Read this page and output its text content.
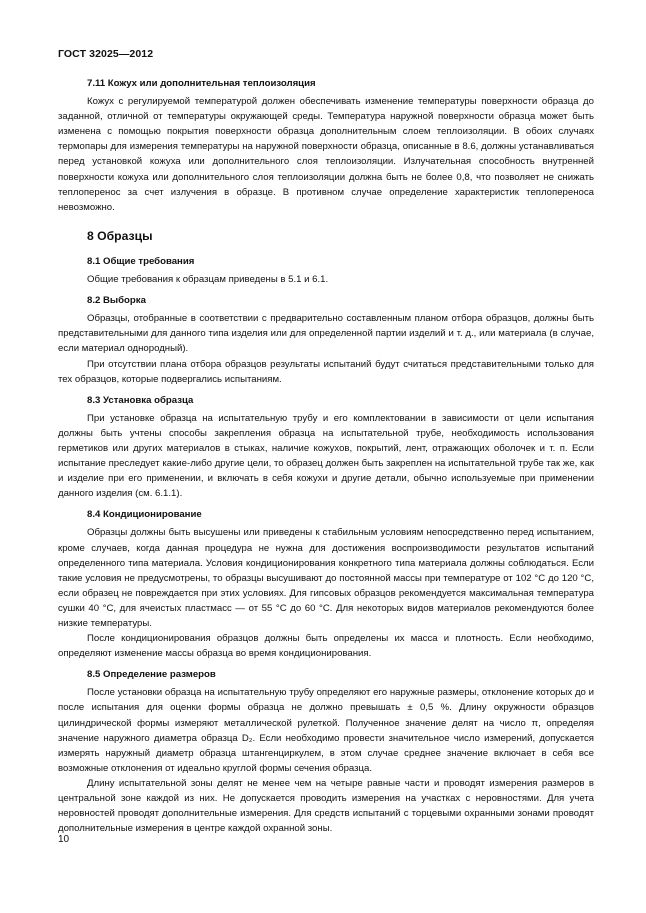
ГОСТ 32025—2012
7.11 Кожух или дополнительная теплоизоляция
Кожух с регулируемой температурой должен обеспечивать изменение температуры поверхности образца до заданной, отличной от температуры окружающей среды. Температура наружной поверхности образца может быть изменена с помощью покрытия поверхности образца дополнительным слоем теплоизоляции. В обоих случаях термопары для измерения температуры на наружной поверхности образца, описанные в 8.6, должны устанавливаться перед установкой кожуха или дополнительного слоя теплоизоляции. Излучательная способность внутренней поверхности кожуха или дополнительного слоя теплоизоляции должна быть не более 0,8, что позволяет не снижать теплоперенос за счет излучения в образце. В противном случае определение характеристик теплопереноса невозможно.
8 Образцы
8.1 Общие требования
Общие требования к образцам приведены в 5.1 и 6.1.
8.2 Выборка
Образцы, отобранные в соответствии с предварительно составленным планом отбора образцов, должны быть представительными для данного типа изделия или для определенной партии изделий и т. д., или материала (в случае, если материал однородный).
При отсутствии плана отбора образцов результаты испытаний будут считаться представительными только для тех образцов, которые подвергались испытаниям.
8.3 Установка образца
При установке образца на испытательную трубу и его комплектовании в зависимости от цели испытания должны быть учтены способы закрепления образца на испытательной трубе, необходимость использования герметиков или других материалов в стыках, наличие кожухов, покрытий, лент, отражающих оболочек и т. п. Если испытание преследует какие-либо другие цели, то образец должен быть закреплен на испытательной трубе так же, как и изделие при его применении, и включать в себя кожухи и другие детали, обычно используемые при применении данного изделия (см. 6.1.1).
8.4 Кондиционирование
Образцы должны быть высушены или приведены к стабильным условиям непосредственно перед испытанием, кроме случаев, когда данная процедура не нужна для достижения воспроизводимости результатов испытаний определенного типа материала. Условия кондиционирования конкретного типа материала должны соблюдаться. Если такие условия не предусмотрены, то образцы высушивают до постоянной массы при температуре от 102 °С до 120 °С, если образец не повреждается при этих условиях. Для гипсовых образцов рекомендуется максимальная температура сушки 40 °С, для ячеистых пластмасс — от 55 °С до 60 °С. Для некоторых видов материалов рекомендуются более низкие температуры.
После кондиционирования образцов должны быть определены их масса и плотность. Если необходимо, определяют изменение массы образца во время кондиционирования.
8.5 Определение размеров
После установки образца на испытательную трубу определяют его наружные размеры, отклонение которых до и после испытания для оценки формы образца не должно превышать ± 0,5 %. Длину окружности образцов цилиндрической формы измеряют металлической рулеткой. Полученное значение делят на число π, определяя значение наружного диаметра образца D₂. Если необходимо провести значительное число измерений, допускается измерять наружный диаметр образца штангенциркулем, в этом случае среднее значение включает в себя все возможные отклонения от идеально круглой формы сечения образца.
Длину испытательной зоны делят не менее чем на четыре равные части и проводят измерения размеров в центральной зоне каждой из них. Не допускается проводить измерения на участках с неровностями. Для учета неровностей проводят дополнительные измерения. Для средств испытаний с торцевыми охранными зонами проводят дополнительные измерения в центре каждой охранной зоны.
10
